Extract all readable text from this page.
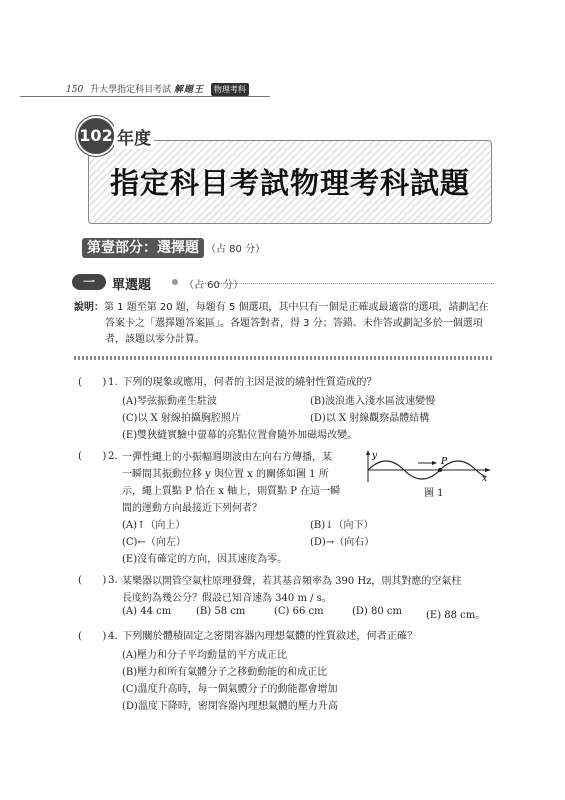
150 升大學指定科目考試 解題王 物理考科
指定科目考試物理考科試題
102 年度
第壹部分：選擇題 （占 80 分）
一	單選題	（占 60 分）
說明：第 1 題至第 20 題，每題有 5 個選項，其中只有一個是正確或最適當的選項，請劃記在
答案卡之「選擇題答案區」。各題答對者，得 3 分；答錯、未作答或劃記多於一個選項
者，該題以零分計算。
(　　) 1. 下列的現象或應用，何者的主因是波的繞射性質造成的？
(A)琴弦振動產生駐波	(B)波浪進入淺水區波速變慢
(C)以 X 射線拍攝胸腔照片	(D)以 X 射線觀察晶體結構
(E)雙狹縫實驗中螢幕的亮點位置會隨外加磁場改變。
(　　) 2. 一彈性繩上的小振幅週期波由左向右方傳播，某
一瞬間其振動位移 y 與位置 x 的關係如圖 1 所
示，繩上質點 P 恰在 x 軸上，則質點 P 在這一瞬
間的運動方向最接近下列何者？
y
x
P
圖 1
(A)↑（向上）	(B)↓（向下）
(C)←（向左）	(D)→（向右）
(E)沒有確定的方向，因其速度為零。
(　　) 3. 某樂器以開管空氣柱原理發聲，若其基音頻率為 390 Hz，則其對應的空氣柱
長度約為幾公分？假設已知音速為 340 m / s。
(A) 44 cm (B) 58 cm	(C) 66 cm	(D) 80 cm (E) 88 cm。
(　　) 4. 下列關於體積固定之密閉容器內理想氣體的性質敘述，何者正確？
(A)壓力和分子平均動量的平方成正比
(B)壓力和所有氣體分子之移動動能的和成正比
(C)溫度升高時，每一個氣體分子的動能都會增加
(D)溫度下降時，密閉容器內理想氣體的壓力升高
